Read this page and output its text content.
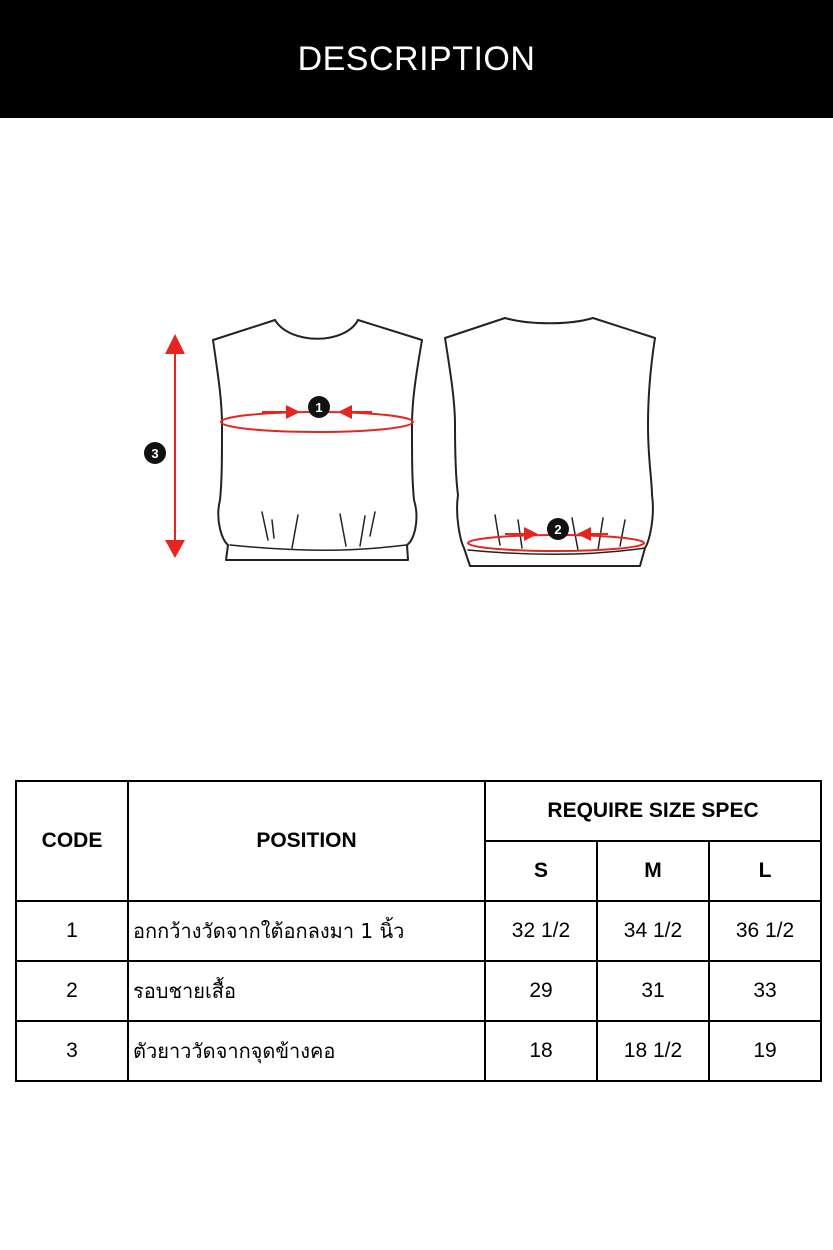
DESCRIPTION
3
1
2
CODE	POSITION	REQUIRE SIZE SPEC		
		S	M	L
1	อกกว้างวัดจากใต้อกลงมา 1 นิ้ว	32 1/2	34 1/2	36 1/2
2	รอบชายเสื้อ	29	31	33
3	ตัวยาววัดจากจุดข้างคอ	18	18 1/2	19
